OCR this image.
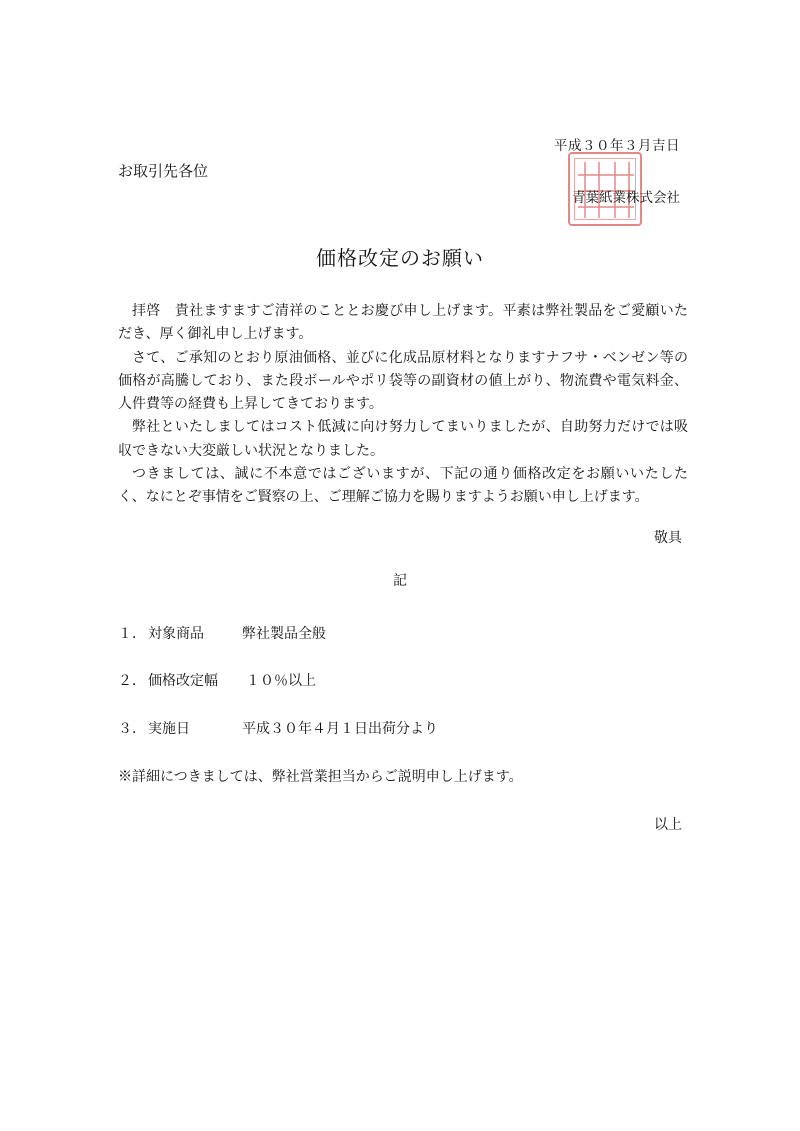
平成３０年３月吉日
お取引先各位
青葉紙業株式会社
価格改定のお願い

拝啓　貴社ますますご清祥のこととお慶び申し上げます。平素は弊社製品をご愛顧いただき、厚く御礼申し上げます。

さて、ご承知のとおり原油価格、並びに化成品原材料となりますナフサ・ベンゼン等の価格が高騰しており、また段ボールやポリ袋等の副資材の値上がり、物流費や電気料金、人件費等の経費も上昇してきております。

弊社といたしましてはコスト低減に向け努力してまいりましたが、自助努力だけでは吸収できない大変厳しい状況となりました。

つきましては、誠に不本意ではございますが、下記の通り価格改定をお願いいたしたく、なにとぞ事情をご賢察の上、ご理解ご協力を賜りますようお願い申し上げます。

敬具
記
１． 対象商品	弊社製品全般
２． 価格改定幅	１０％以上
３． 実施日	平成３０年４月１日出荷分より
※詳細につきましては、弊社営業担当からご説明申し上げます。
以上
